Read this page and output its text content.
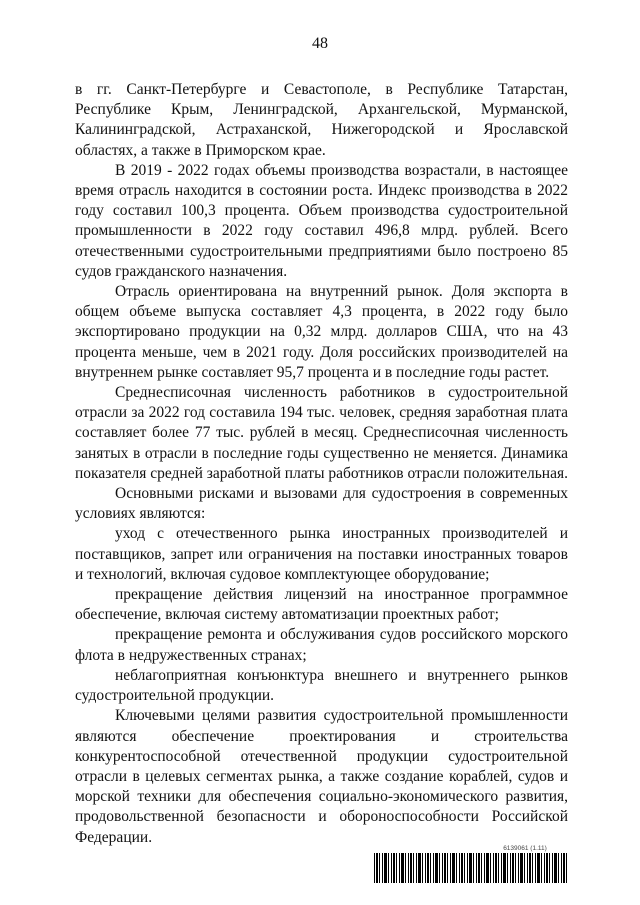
48

в гг. Санкт-Петербурге и Севастополе, в Республике Татарстан, Республике Крым, Ленинградской, Архангельской, Мурманской, Калининградской, Астраханской, Нижегородской и Ярославской областях, а также в Приморском крае.

В 2019 - 2022 годах объемы производства возрастали, в настоящее время отрасль находится в состоянии роста. Индекс производства в 2022 году составил 100,3 процента. Объем производства судостроительной промышленности в 2022 году составил 496,8 млрд. рублей. Всего отечественными судостроительными предприятиями было построено 85 судов гражданского назначения.

Отрасль ориентирована на внутренний рынок. Доля экспорта в общем объеме выпуска составляет 4,3 процента, в 2022 году было экспортировано продукции на 0,32 млрд. долларов США, что на 43 процента меньше, чем в 2021 году. Доля российских производителей на внутреннем рынке составляет 95,7 процента и в последние годы растет.

Среднесписочная численность работников в судостроительной отрасли за 2022 год составила 194 тыс. человек, средняя заработная плата составляет более 77 тыс. рублей в месяц. Среднесписочная численность занятых в отрасли в последние годы существенно не меняется. Динамика показателя средней заработной платы работников отрасли положительная.

Основными рисками и вызовами для судостроения в современных условиях являются:

уход с отечественного рынка иностранных производителей и поставщиков, запрет или ограничения на поставки иностранных товаров и технологий, включая судовое комплектующее оборудование;

прекращение действия лицензий на иностранное программное обеспечение, включая систему автоматизации проектных работ;

прекращение ремонта и обслуживания судов российского морского флота в недружественных странах;

неблагоприятная конъюнктура внешнего и внутреннего рынков судостроительной продукции.

Ключевыми целями развития судостроительной промышленности являются обеспечение проектирования и строительства конкурентоспособной отечественной продукции судостроительной отрасли в целевых сегментах рынка, а также создание кораблей, судов и морской техники для обеспечения социально-экономического развития, продовольственной безопасности и обороноспособности Российской Федерации.

6139061 (1.11)
